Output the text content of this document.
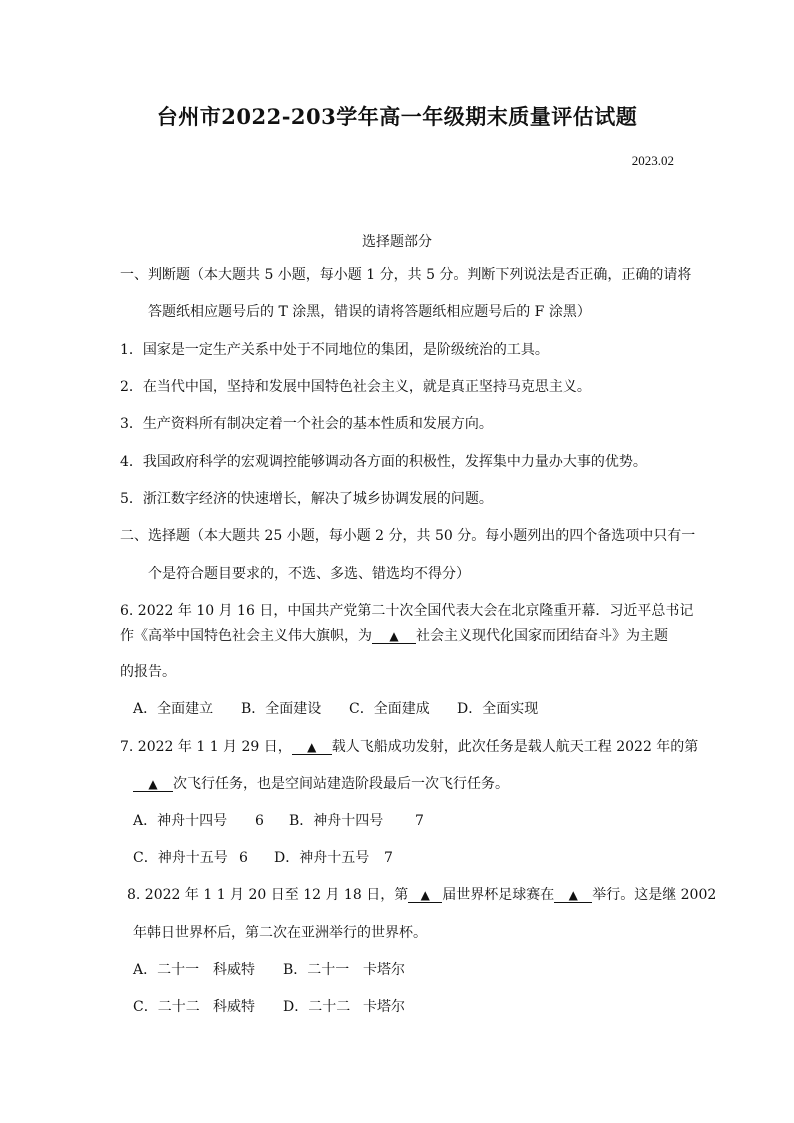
台州市2022-203学年高一年级期末质量评估试题
2023.02
选择题部分
一、判断题（本大题共 5 小题，每小题 1 分，共 5 分。判断下列说法是否正确，正确的请将
答题纸相应题号后的 T 涂黑，错误的请将答题纸相应题号后的 F 涂黑）
1．国家是一定生产关系中处于不同地位的集团，是阶级统治的工具。
2．在当代中国，坚持和发展中国特色社会主义，就是真正坚持马克思主义。
3．生产资料所有制决定着一个社会的基本性质和发展方向。
4．我国政府科学的宏观调控能够调动各方面的积极性，发挥集中力量办大事的优势。
5．浙江数字经济的快速增长，解决了城乡协调发展的问题。
二、选择题（本大题共 25 小题，每小题 2 分，共 50 分。每小题列出的四个备选项中只有一
个是符合题目要求的，不选、多选、错选均不得分）
6. 2022 年 10 月 16 日，中国共产党第二十次全国代表大会在北京隆重开幕．习近平总书记
作《高举中国特色社会主义伟大旗帜，为 ▲ 社会主义现代化国家而团结奋斗》为主题
的报告。
A．全面建立 B．全面建设 C．全面建成 D．全面实现
7. 2022 年 1 1 月 29 日， ▲ 载人飞船成功发射，此次任务是载人航天工程 2022 年的第
▲ 次飞行任务，也是空间站建造阶段最后一次飞行任务。
A．神舟十四号 6 B．神舟十四号 7
C．神舟十五号 6 D．神舟十五号 7
8. 2022 年 1 1 月 20 日至 12 月 18 日，第 ▲ 届世界杯足球赛在 ▲ 举行。这是继 2002
年韩日世界杯后，第二次在亚洲举行的世界杯。
A．二十一 科威特 B．二十一 卡塔尔
C．二十二 科威特 D．二十二 卡塔尔
